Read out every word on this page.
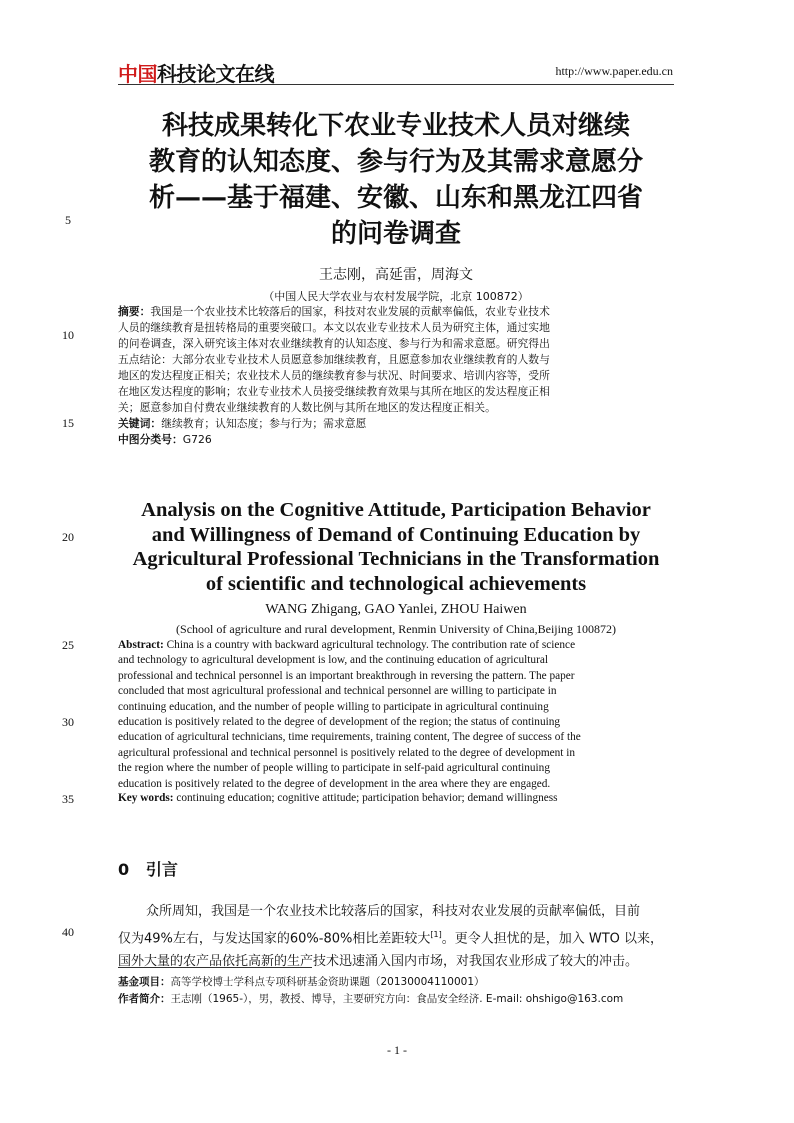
中国科技论文在线	http://www.paper.edu.cn
5
10
15
20
25
30
35
40
科技成果转化下农业专业技术人员对继续
教育的认知态度、参与行为及其需求意愿分
析——基于福建、安徽、山东和黑龙江四省
的问卷调查
王志刚，高延雷，周海文
（中国人民大学农业与农村发展学院，北京 100872）
摘要：我国是一个农业技术比较落后的国家，科技对农业发展的贡献率偏低，农业专业技术
人员的继续教育是扭转格局的重要突破口。本文以农业专业技术人员为研究主体，通过实地
的问卷调查，深入研究该主体对农业继续教育的认知态度、参与行为和需求意愿。研究得出
五点结论：大部分农业专业技术人员愿意参加继续教育，且愿意参加农业继续教育的人数与
地区的发达程度正相关；农业技术人员的继续教育参与状况、时间要求、培训内容等，受所
在地区发达程度的影响；农业专业技术人员接受继续教育效果与其所在地区的发达程度正相
关；愿意参加自付费农业继续教育的人数比例与其所在地区的发达程度正相关。
关键词：继续教育；认知态度；参与行为；需求意愿
中图分类号：G726
Analysis on the Cognitive Attitude, Participation Behavior
and Willingness of Demand of Continuing Education by
Agricultural Professional Technicians in the Transformation
of scientific and technological achievements
WANG Zhigang, GAO Yanlei, ZHOU Haiwen
(School of agriculture and rural development, Renmin University of China,Beijing 100872)
Abstract: China is a country with backward agricultural technology. The contribution rate of science
and technology to agricultural development is low, and the continuing education of agricultural
professional and technical personnel is an important breakthrough in reversing the pattern. The paper
concluded that most agricultural professional and technical personnel are willing to participate in
continuing education, and the number of people willing to participate in agricultural continuing
education is positively related to the degree of development of the region; the status of continuing
education of agricultural technicians, time requirements, training content, The degree of success of the
agricultural professional and technical personnel is positively related to the degree of development in
the region where the number of people willing to participate in self-paid agricultural continuing
education is positively related to the degree of development in the area where they are engaged.
Key words: continuing education; cognitive attitude; participation behavior; demand willingness
0 引言
众所周知，我国是一个农业技术比较落后的国家，科技对农业发展的贡献率偏低，目前
仅为49%左右，与发达国家的60%-80%相比差距较大[1]。更令人担忧的是，加入 WTO 以来，
国外大量的农产品依托高新的生产技术迅速涌入国内市场，对我国农业形成了较大的冲击。
基金项目：高等学校博士学科点专项科研基金资助课题（20130004110001）
作者简介：王志刚（1965-），男，教授、博导，主要研究方向：食品安全经济. E-mail: ohshigo@163.com
- 1 -
